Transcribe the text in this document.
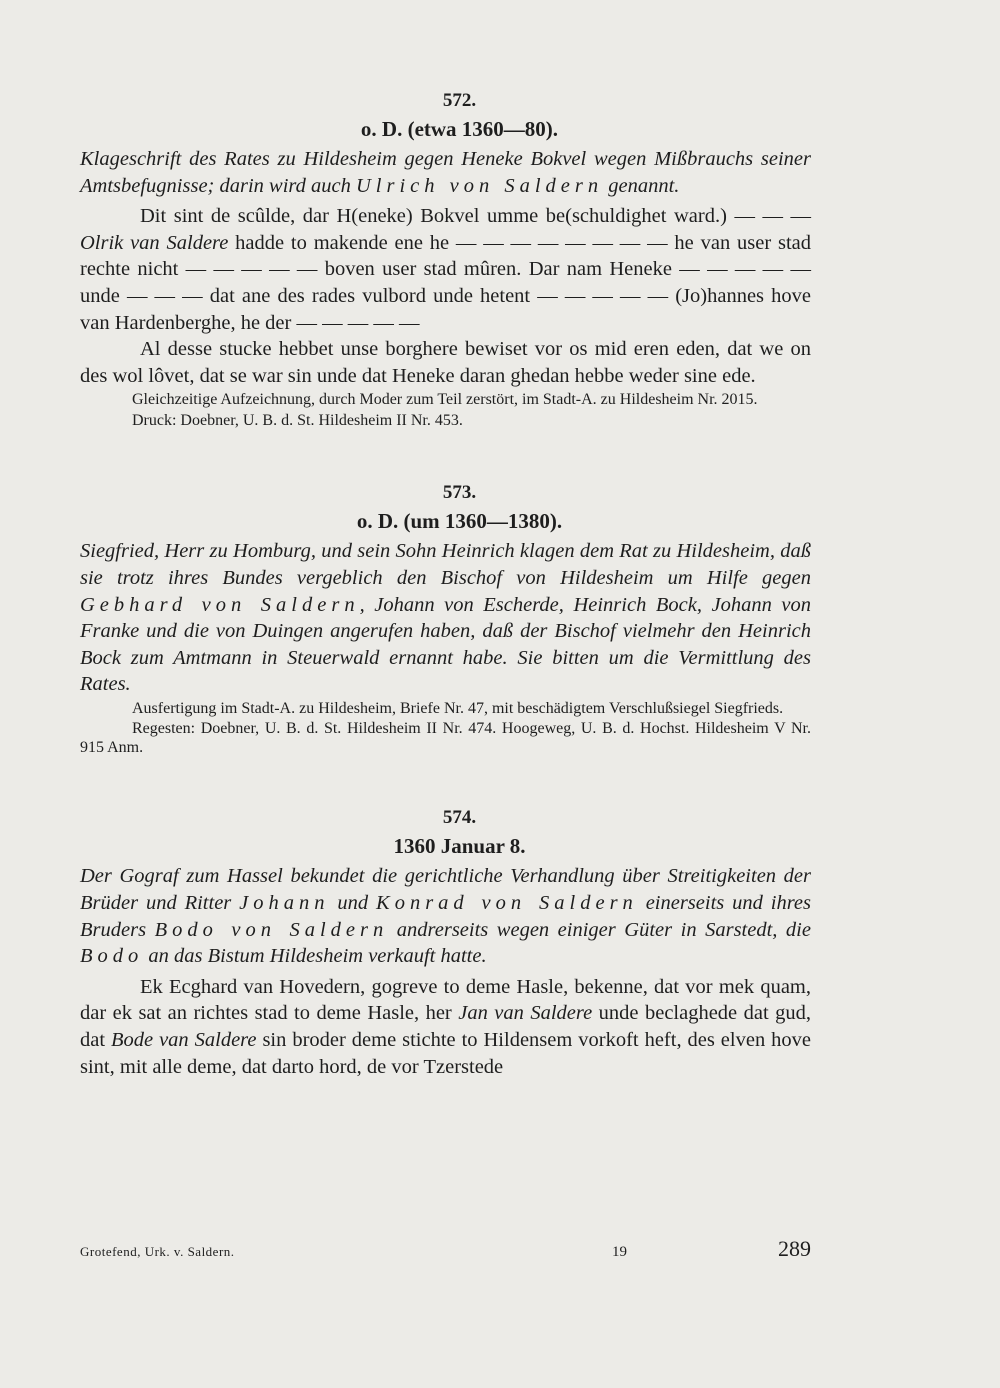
572.
o. D. (etwa 1360—80).

Klageschrift des Rates zu Hildesheim gegen Heneke Bokvel wegen Mißbrauchs seiner Amtsbefugnisse; darin wird auch Ulrich von Saldern genannt.

Dit sint de scûlde, dar H(eneke) Bokvel umme be(schuldighet ward.) — — — Olrik van Saldere hadde to makende ene he — — — — — — — — he van user stad rechte nicht — — — — — boven user stad mûren. Dar nam Heneke — — — — — unde — — — dat ane des rades vulbord unde hetent — — — — — (Jo)hannes hove van Hardenberghe, he der — — — — —

Al desse stucke hebbet unse borghere bewiset vor os mid eren eden, dat we on des wol lôvet, dat se war sin unde dat Heneke daran ghedan hebbe weder sine ede.

Gleichzeitige Aufzeichnung, durch Moder zum Teil zerstört, im Stadt-A. zu Hildesheim Nr. 2015.

Druck: Doebner, U. B. d. St. Hildesheim II Nr. 453.

573.
o. D. (um 1360—1380).

Siegfried, Herr zu Homburg, und sein Sohn Heinrich klagen dem Rat zu Hildesheim, daß sie trotz ihres Bundes vergeblich den Bischof von Hildesheim um Hilfe gegen Gebhard von Saldern, Johann von Escherde, Heinrich Bock, Johann von Franke und die von Duingen angerufen haben, daß der Bischof vielmehr den Heinrich Bock zum Amtmann in Steuerwald ernannt habe. Sie bitten um die Vermittlung des Rates.

Ausfertigung im Stadt-A. zu Hildesheim, Briefe Nr. 47, mit beschädigtem Verschlußsiegel Siegfrieds.

Regesten: Doebner, U. B. d. St. Hildesheim II Nr. 474. Hoogeweg, U. B. d. Hochst. Hildesheim V Nr. 915 Anm.

574.
1360 Januar 8.

Der Gograf zum Hassel bekundet die gerichtliche Verhandlung über Streitigkeiten der Brüder und Ritter Johann und Konrad von Saldern einerseits und ihres Bruders Bodo von Saldern andrerseits wegen einiger Güter in Sarstedt, die Bodo an das Bistum Hildesheim verkauft hatte.

Ek Ecghard van Hovedern, gogreve to deme Hasle, bekenne, dat vor mek quam, dar ek sat an richtes stad to deme Hasle, her Jan van Saldere unde beclaghede dat gud, dat Bode van Saldere sin broder deme stichte to Hildensem vorkoft heft, des elven hove sint, mit alle deme, dat darto hord, de vor Tzerstede

Grotefend, Urk. v. Saldern.	19	289
